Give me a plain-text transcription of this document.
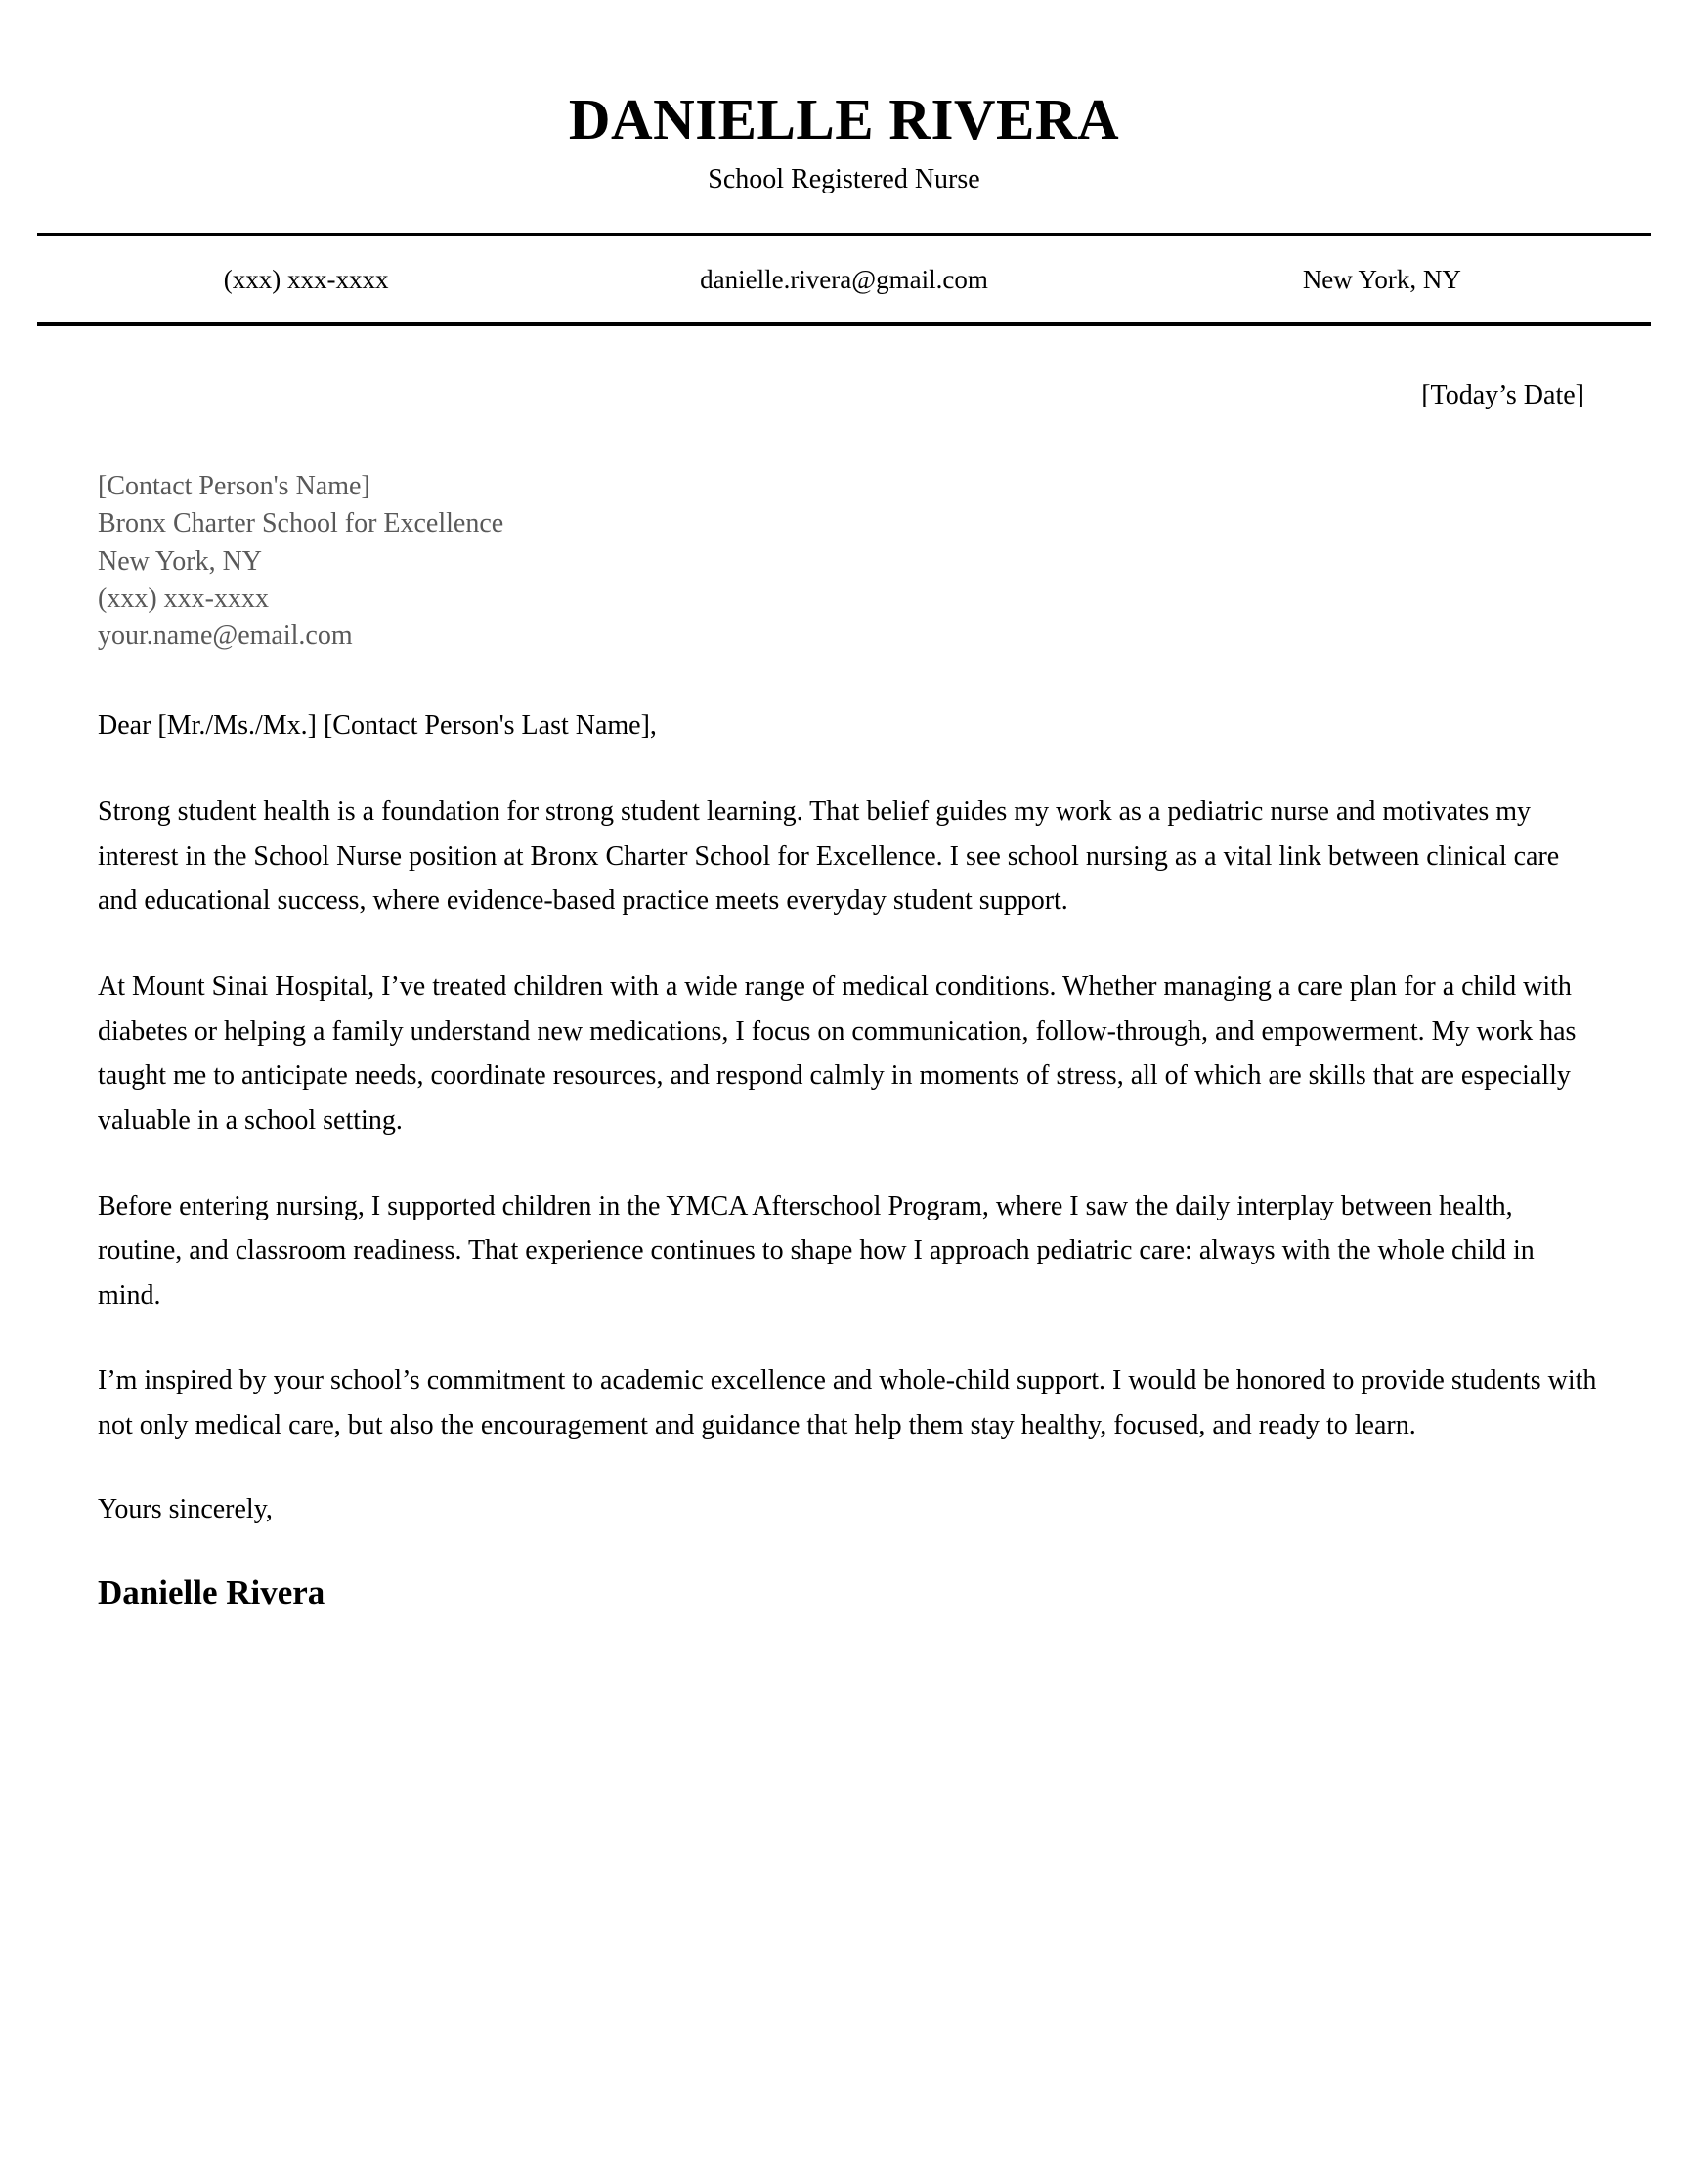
DANIELLE RIVERA
School Registered Nurse
(xxx) xxx-xxxx	danielle.rivera@gmail.com	New York, NY
[Today’s Date]

[Contact Person's Name]

Bronx Charter School for Excellence

New York, NY

(xxx) xxx-xxxx

your.name@email.com

Dear [Mr./Ms./Mx.] [Contact Person's Last Name],

Strong student health is a foundation for strong student learning. That belief guides my work as a pediatric nurse and motivates my interest in the School Nurse position at Bronx Charter School for Excellence. I see school nursing as a vital link between clinical care and educational success, where evidence-based practice meets everyday student support.

At Mount Sinai Hospital, I’ve treated children with a wide range of medical conditions. Whether managing a care plan for a child with diabetes or helping a family understand new medications, I focus on communication, follow-through, and empowerment. My work has taught me to anticipate needs, coordinate resources, and respond calmly in moments of stress, all of which are skills that are especially valuable in a school setting.

Before entering nursing, I supported children in the YMCA Afterschool Program, where I saw the daily interplay between health, routine, and classroom readiness. That experience continues to shape how I approach pediatric care: always with the whole child in mind.

I’m inspired by your school’s commitment to academic excellence and whole-child support. I would be honored to provide students with not only medical care, but also the encouragement and guidance that help them stay healthy, focused, and ready to learn.

Yours sincerely,
Danielle Rivera
